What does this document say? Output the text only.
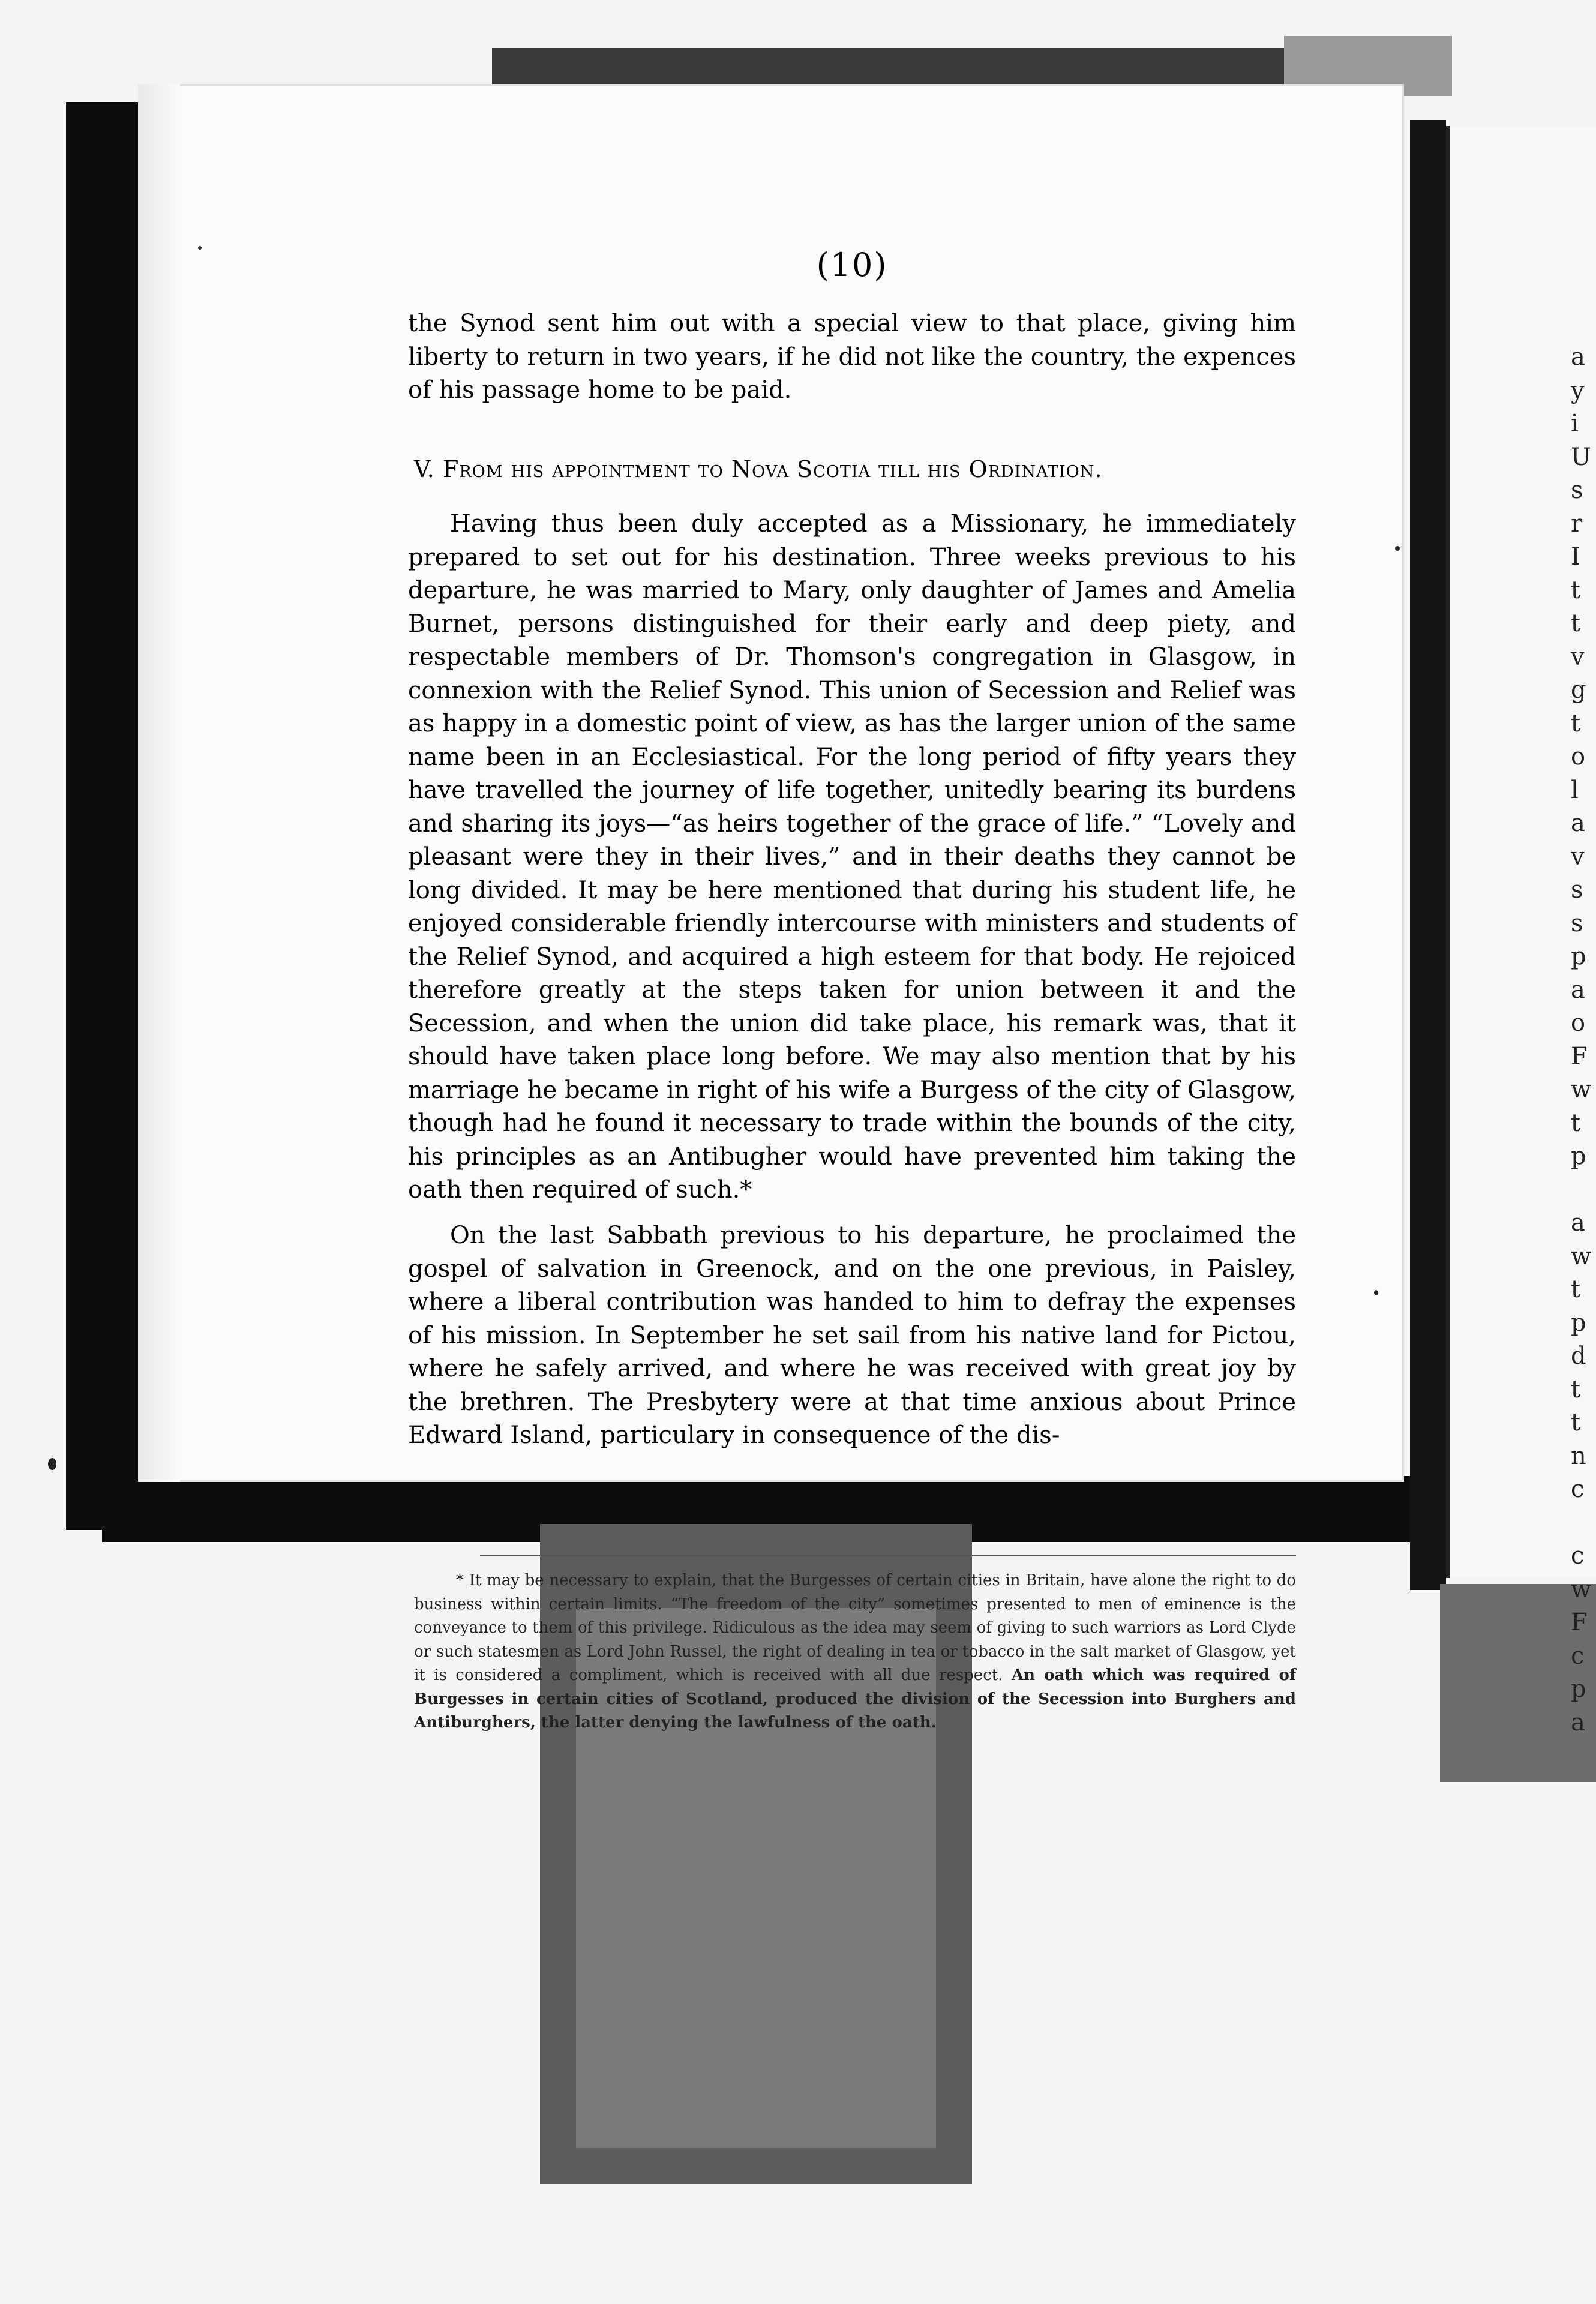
(10)

the Synod sent him out with a special view to that place, giving him liberty to return in two years, if he did not like the country, the expences of his passage home to be paid.

V. From his appointment to Nova Scotia till his Ordination.

Having thus been duly accepted as a Missionary, he immediately prepared to set out for his destination. Three weeks previous to his departure, he was married to Mary, only daughter of James and Amelia Burnet, persons distinguished for their early and deep piety, and respectable members of Dr. Thomson's congregation in Glasgow, in connexion with the Relief Synod. This union of Secession and Relief was as happy in a domestic point of view, as has the larger union of the same name been in an Ecclesiastical. For the long period of fifty years they have travelled the journey of life together, unitedly bearing its burdens and sharing its joys—“as heirs together of the grace of life.” “Lovely and pleasant were they in their lives,” and in their deaths they cannot be long divided. It may be here mentioned that during his student life, he enjoyed considerable friendly intercourse with ministers and students of the Relief Synod, and acquired a high esteem for that body. He rejoiced therefore greatly at the steps taken for union between it and the Secession, and when the union did take place, his remark was, that it should have taken place long before. We may also mention that by his marriage he became in right of his wife a Burgess of the city of Glasgow, though had he found it necessary to trade within the bounds of the city, his principles as an Antibugher would have prevented him taking the oath then required of such.*

On the last Sabbath previous to his departure, he proclaimed the gospel of salvation in Greenock, and on the one previous, in Paisley, where a liberal contribution was handed to him to defray the expenses of his mission. In September he set sail from his native land for Pictou, where he safely arrived, and where he was received with great joy by the brethren. The Presbytery were at that time anxious about Prince Edward Island, particulary in consequence of the dis-

* It may be necessary to explain, that the Burgesses of certain cities in Britain, have alone the right to do business within certain limits. “The freedom of the city” sometimes presented to men of eminence is the conveyance to them of this privilege. Ridiculous as the idea may seem of giving to such warriors as Lord Clyde or such statesmen as Lord John Russel, the right of dealing in tea or tobacco in the salt market of Glasgow, yet it is considered a compliment, which is received with all due respect. An oath which was required of Burgesses in certain cities of Scotland, produced the division of the Secession into Burghers and Antiburghers, the latter denying the lawfulness of the oath.

a
y
i
U
s
r
I
t
t
v
g
t
o
l
a
v
s
s
p
a
o
F
w
t
p
a
w
t
p
d
t
t
n
c
c
w
F
c
p
a
